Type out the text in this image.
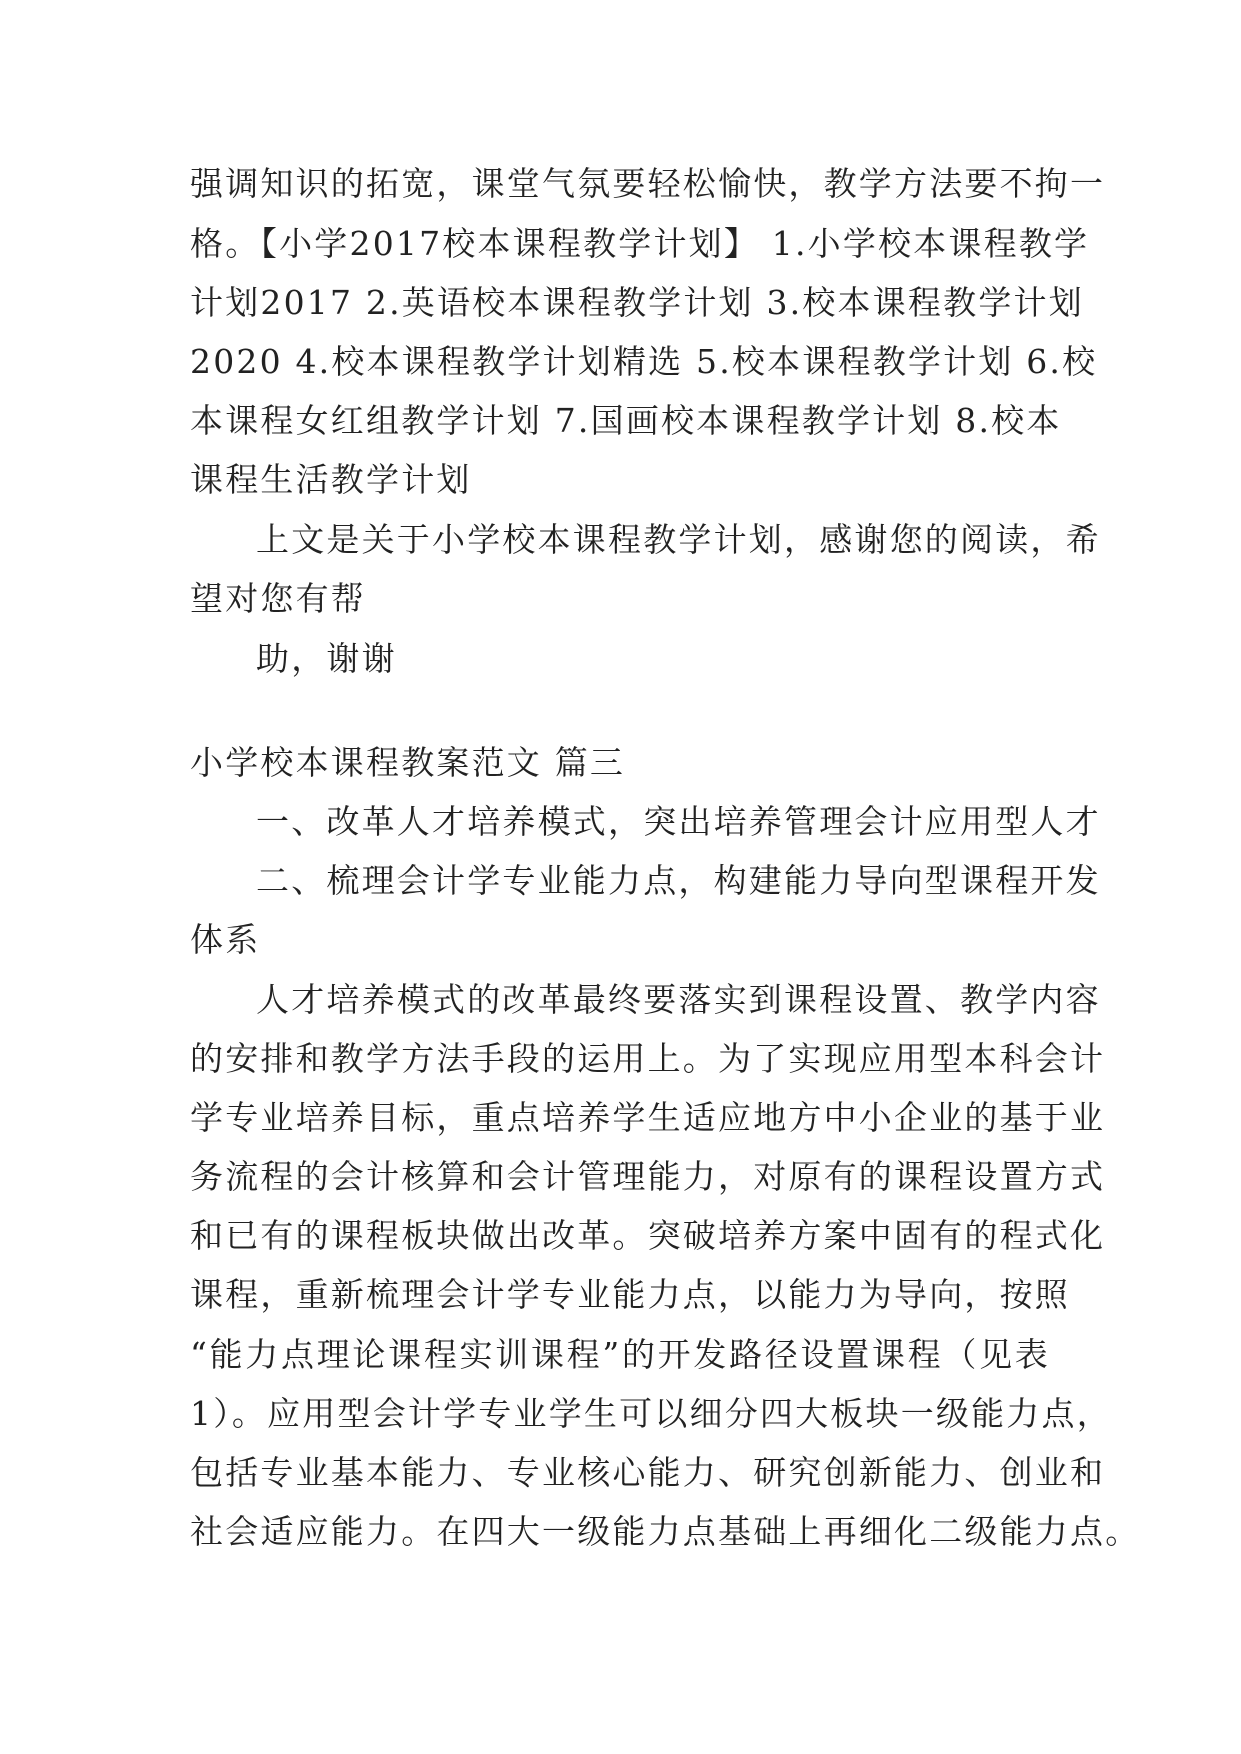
强调知识的拓宽，课堂气氛要轻松愉快，教学方法要不拘一
格。【小学2017校本课程教学计划】 1.小学校本课程教学
计划2017 2.英语校本课程教学计划 3.校本课程教学计划
2020 4.校本课程教学计划精选 5.校本课程教学计划 6.校
本课程女红组教学计划 7.国画校本课程教学计划 8.校本
课程生活教学计划
上文是关于小学校本课程教学计划，感谢您的阅读，希
望对您有帮
助，谢谢
小学校本课程教案范文 篇三
一、改革人才培养模式，突出培养管理会计应用型人才
二、梳理会计学专业能力点，构建能力导向型课程开发
体系
人才培养模式的改革最终要落实到课程设置、教学内容
的安排和教学方法手段的运用上。为了实现应用型本科会计
学专业培养目标，重点培养学生适应地方中小企业的基于业
务流程的会计核算和会计管理能力，对原有的课程设置方式
和已有的课程板块做出改革。突破培养方案中固有的程式化
课程，重新梳理会计学专业能力点，以能力为导向，按照
“能力点理论课程实训课程”的开发路径设置课程（见表
1）。应用型会计学专业学生可以细分四大板块一级能力点，
包括专业基本能力、专业核心能力、研究创新能力、创业和
社会适应能力。在四大一级能力点基础上再细化二级能力点。
